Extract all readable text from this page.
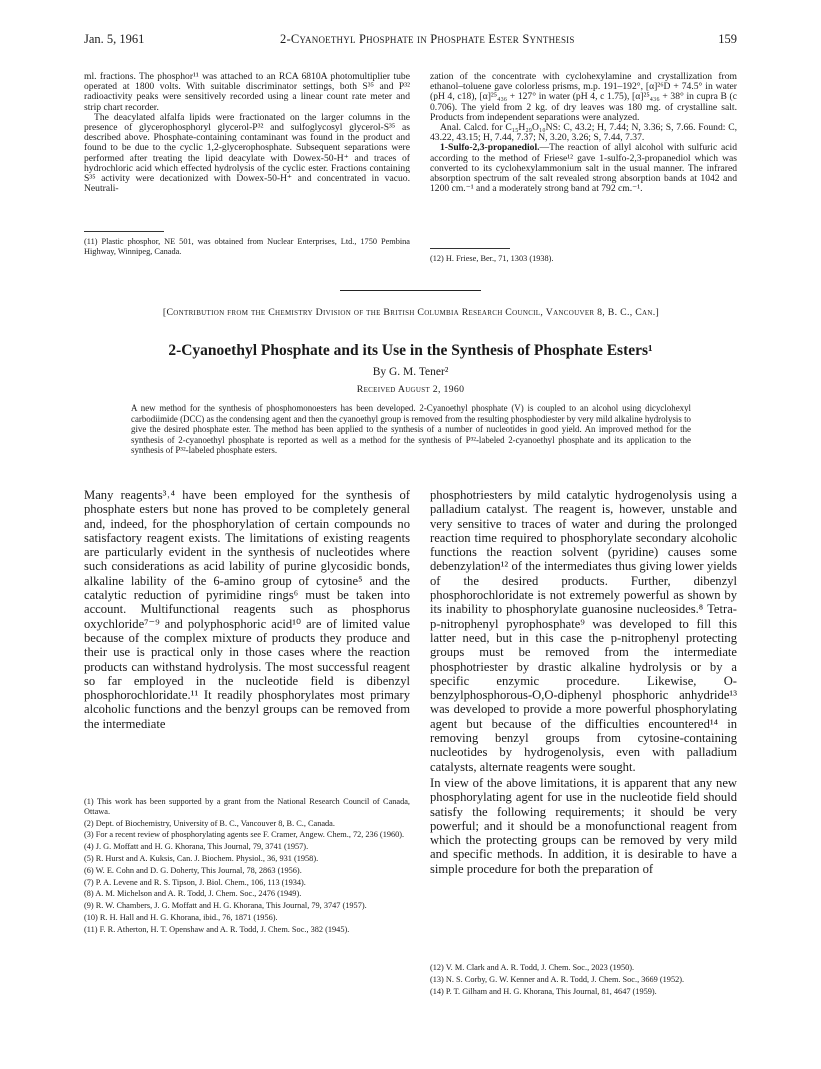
Jan. 5, 1961	2-Cyanoethyl Phosphate in Phosphate Ester Synthesis	159

ml. fractions. The phosphor¹¹ was attached to an RCA 6810A photomultiplier tube operated at 1800 volts. With suitable discriminator settings, both S³⁵ and P³² radioactivity peaks were sensitively recorded using a linear count rate meter and strip chart recorder.

The deacylated alfalfa lipids were fractionated on the larger columns in the presence of glycerophosphoryl glycerol-P³² and sulfoglycosyl glycerol-S³⁵ as described above. Phosphate-containing contaminant was found in the product and found to be due to the cyclic 1,2-glycerophosphate. Subsequent separations were performed after treating the lipid deacylate with Dowex-50-H⁺ and traces of hydrochloric acid which effected hydrolysis of the cyclic ester. Fractions containing S³⁵ activity were decationized with Dowex-50-H⁺ and concentrated in vacuo. Neutrali-

(11) Plastic phosphor, NE 501, was obtained from Nuclear Enterprises, Ltd., 1750 Pembina Highway, Winnipeg, Canada.

zation of the concentrate with cyclohexylamine and crystallization from ethanol–toluene gave colorless prisms, m.p. 191–192°, [α]²⁶D + 74.5° in water (pH 4, c18), [α]²⁵₄₃₆ + 127° in water (pH 4, c 1.75), [α]²⁵₄₃₆ + 38° in cupra B (c 0.706). The yield from 2 kg. of dry leaves was 180 mg. of crystalline salt. Products from independent separations were analyzed.

Anal. Calcd. for C₁₅H₂₉O₁₀NS: C, 43.2; H, 7.44; N, 3.36; S, 7.66. Found: C, 43.22, 43.15; H, 7.44, 7.37; N, 3.20, 3.26; S, 7.44, 7.37.

1-Sulfo-2,3-propanediol.—The reaction of allyl alcohol with sulfuric acid according to the method of Friese¹² gave 1-sulfo-2,3-propanediol which was converted to its cyclohexylammonium salt in the usual manner. The infrared absorption spectrum of the salt revealed strong absorption bands at 1042 and 1200 cm.⁻¹ and a moderately strong band at 792 cm.⁻¹.

(12) H. Friese, Ber., 71, 1303 (1938).
[Contribution from the Chemistry Division of the British Columbia Research Council, Vancouver 8, B. C., Can.]
2-Cyanoethyl Phosphate and its Use in the Synthesis of Phosphate Esters¹
By G. M. Tener²
Received August 2, 1960

A new method for the synthesis of phosphomonoesters has been developed. 2-Cyanoethyl phosphate (V) is coupled to an alcohol using dicyclohexyl carbodiimide (DCC) as the condensing agent and then the cyanoethyl group is removed from the resulting phosphodiester by very mild alkaline hydrolysis to give the desired phosphate ester. The method has been applied to the synthesis of a number of nucleotides in good yield. An improved method for the synthesis of 2-cyanoethyl phosphate is reported as well as a method for the synthesis of P³²-labeled 2-cyanoethyl phosphate and its application to the synthesis of P³²-labeled phosphate esters.

Many reagents³˒⁴ have been employed for the synthesis of phosphate esters but none has proved to be completely general and, indeed, for the phosphorylation of certain compounds no satisfactory reagent exists. The limitations of existing reagents are particularly evident in the synthesis of nucleotides where such considerations as acid lability of purine glycosidic bonds, alkaline lability of the 6-amino group of cytosine⁵ and the catalytic reduction of pyrimidine rings⁶ must be taken into account. Multifunctional reagents such as phosphorus oxychloride⁷⁻⁹ and polyphosphoric acid¹⁰ are of limited value because of the complex mixture of products they produce and their use is practical only in those cases where the reaction products can withstand hydrolysis. The most successful reagent so far employed in the nucleotide field is dibenzyl phosphorochloridate.¹¹ It readily phosphorylates most primary alcoholic functions and the benzyl groups can be removed from the intermediate

(1) This work has been supported by a grant from the National Research Council of Canada, Ottawa.

(2) Dept. of Biochemistry, University of B. C., Vancouver 8, B. C., Canada.

(3) For a recent review of phosphorylating agents see F. Cramer, Angew. Chem., 72, 236 (1960).

(4) J. G. Moffatt and H. G. Khorana, This Journal, 79, 3741 (1957).

(5) R. Hurst and A. Kuksis, Can. J. Biochem. Physiol., 36, 931 (1958).

(6) W. E. Cohn and D. G. Doherty, This Journal, 78, 2863 (1956).

(7) P. A. Levene and R. S. Tipson, J. Biol. Chem., 106, 113 (1934).

(8) A. M. Michelson and A. R. Todd, J. Chem. Soc., 2476 (1949).

(9) R. W. Chambers, J. G. Moffatt and H. G. Khorana, This Journal, 79, 3747 (1957).

(10) R. H. Hall and H. G. Khorana, ibid., 76, 1871 (1956).

(11) F. R. Atherton, H. T. Openshaw and A. R. Todd, J. Chem. Soc., 382 (1945).

phosphotriesters by mild catalytic hydrogenolysis using a palladium catalyst. The reagent is, however, unstable and very sensitive to traces of water and during the prolonged reaction time required to phosphorylate secondary alcoholic functions the reaction solvent (pyridine) causes some debenzylation¹² of the intermediates thus giving lower yields of the desired products. Further, dibenzyl phosphorochloridate is not extremely powerful as shown by its inability to phosphorylate guanosine nucleosides.⁸ Tetra-p-nitrophenyl pyrophosphate⁹ was developed to fill this latter need, but in this case the p-nitrophenyl protecting groups must be removed from the intermediate phosphotriester by drastic alkaline hydrolysis or by a specific enzymic procedure. Likewise, O-benzylphosphorous-O,O-diphenyl phosphoric anhydride¹³ was developed to provide a more powerful phosphorylating agent but because of the difficulties encountered¹⁴ in removing benzyl groups from cytosine-containing nucleotides by hydrogenolysis, even with palladium catalysts, alternate reagents were sought.

In view of the above limitations, it is apparent that any new phosphorylating agent for use in the nucleotide field should satisfy the following requirements; it should be very powerful; and it should be a monofunctional reagent from which the protecting groups can be removed by very mild and specific methods. In addition, it is desirable to have a simple procedure for both the preparation of

(12) V. M. Clark and A. R. Todd, J. Chem. Soc., 2023 (1950).

(13) N. S. Corby, G. W. Kenner and A. R. Todd, J. Chem. Soc., 3669 (1952).

(14) P. T. Gilham and H. G. Khorana, This Journal, 81, 4647 (1959).
